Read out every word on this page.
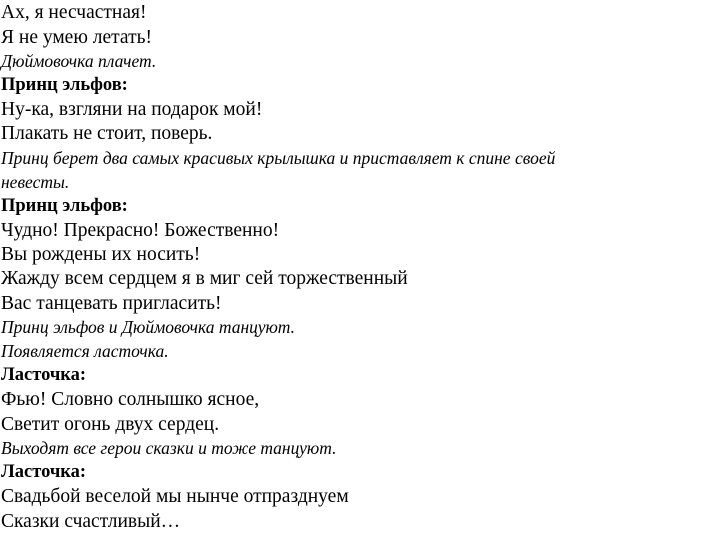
Ах, я несчастная!
Я не умею летать!
Дюймовочка плачет.
Принц эльфов:
Ну-ка, взгляни на подарок мой!
Плакать не стоит, поверь.
Принц берет два самых красивых крылышка и приставляет к спине своей
невесты.
Принц эльфов:
Чудно! Прекрасно! Божественно!
Вы рождены их носить!
Жажду всем сердцем я в миг сей торжественный
Вас танцевать пригласить!
Принц эльфов и Дюймовочка танцуют.
Появляется ласточка.
Ласточка:
Фью! Словно солнышко ясное,
Светит огонь двух сердец.
Выходят все герои сказки и тоже танцуют.
Ласточка:
Свадьбой веселой мы нынче отпразднуем
Сказки счастливый…
